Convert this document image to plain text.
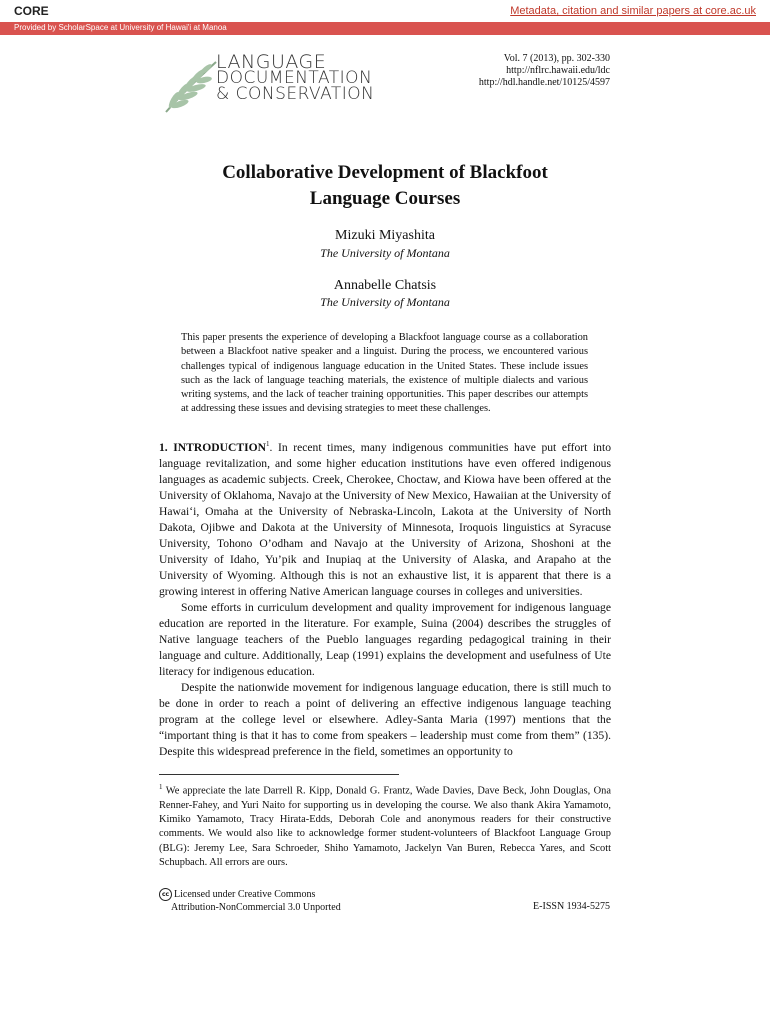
CORE	Metadata, citation and similar papers at core.ac.uk
Provided by ScholarSpace at University of Hawai'i at Manoa
LANGUAGE
DOCUMENTATION
& CONSERVATION
Vol. 7 (2013), pp. 302-330
http://nflrc.hawaii.edu/ldc
http://hdl.handle.net/10125/4597
Collaborative Development of Blackfoot
Language Courses
Mizuki Miyashita
The University of Montana
Annabelle Chatsis
The University of Montana
This paper presents the experience of developing a Blackfoot language course as a collaboration between a Blackfoot native speaker and a linguist. During the process, we encountered various challenges typical of indigenous language education in the United States. These include issues such as the lack of language teaching materials, the existence of multiple dialects and various writing systems, and the lack of teacher training opportunities. This paper describes our attempts at addressing these issues and devising strategies to meet these challenges.

1. INTRODUCTION$^1$. In recent times, many indigenous communities have put effort into language revitalization, and some higher education institutions have even offered indigenous languages as academic subjects. Creek, Cherokee, Choctaw, and Kiowa have been offered at the University of Oklahoma, Navajo at the University of New Mexico, Hawaiian at the University of Hawai‘i, Omaha at the University of Nebraska-Lincoln, Lakota at the University of North Dakota, Ojibwe and Dakota at the University of Minnesota, Iroquois linguistics at Syracuse University, Tohono O’odham and Navajo at the University of Arizona, Shoshoni at the University of Idaho, Yu’pik and Inupiaq at the University of Alaska, and Arapaho at the University of Wyoming. Although this is not an exhaustive list, it is apparent that there is a growing interest in offering Native American language courses in colleges and universities.

Some efforts in curriculum development and quality improvement for indigenous language education are reported in the literature. For example, Suina (2004) describes the struggles of Native language teachers of the Pueblo languages regarding pedagogical training in their language and culture. Additionally, Leap (1991) explains the development and usefulness of Ute literacy for indigenous education.

Despite the nationwide movement for indigenous language education, there is still much to be done in order to reach a point of delivering an effective indigenous language teaching program at the college level or elsewhere. Adley-Santa Maria (1997) mentions that the “important thing is that it has to come from speakers – leadership must come from them” (135). Despite this widespread preference in the field, sometimes an opportunity to

$^1$ We appreciate the late Darrell R. Kipp, Donald G. Frantz, Wade Davies, Dave Beck, John Douglas, Ona Renner-Fahey, and Yuri Naito for supporting us in developing the course. We also thank Akira Yamamoto, Kimiko Yamamoto, Tracy Hirata-Edds, Deborah Cole and anonymous readers for their constructive comments. We would also like to acknowledge former student-volunteers of Blackfoot Language Group (BLG): Jeremy Lee, Sara Schroeder, Shiho Yamamoto, Jackelyn Van Buren, Rebecca Yares, and Scott Schupbach. All errors are ours.
cc Licensed under Creative Commons
Attribution-NonCommercial 3.0 Unported	E-ISSN 1934-5275
